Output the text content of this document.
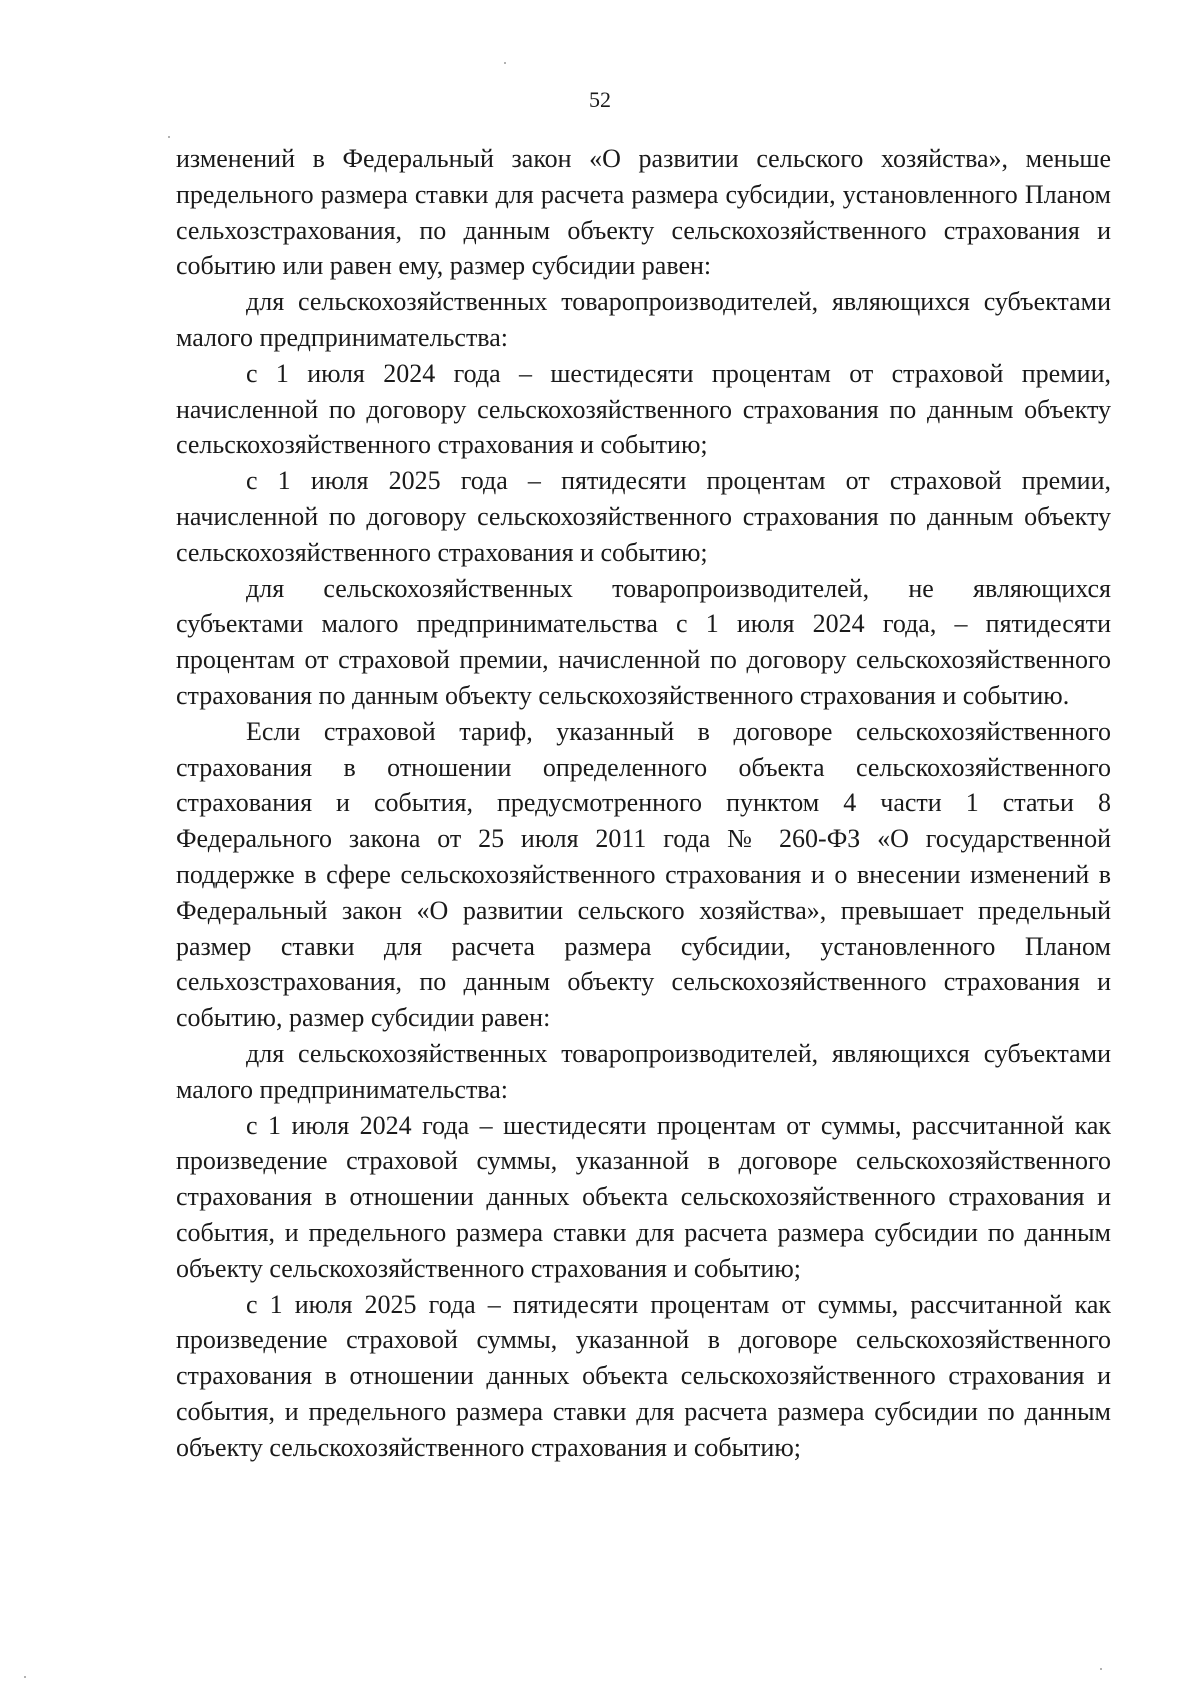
52

изменений в Федеральный закон «О развитии сельского хозяйства», меньше предельного размера ставки для расчета размера субсидии, установленного Планом сельхозстрахования, по данным объекту сельскохозяйственного страхования и событию или равен ему, размер субсидии равен:

для сельскохозяйственных товаропроизводителей, являющихся субъектами малого предпринимательства:

с 1 июля 2024 года – шестидесяти процентам от страховой премии, начисленной по договору сельскохозяйственного страхования по данным объекту сельскохозяйственного страхования и событию;

с 1 июля 2025 года – пятидесяти процентам от страховой премии, начисленной по договору сельскохозяйственного страхования по данным объекту сельскохозяйственного страхования и событию;

для сельскохозяйственных товаропроизводителей, не являющихся субъектами малого предпринимательства с 1 июля 2024 года, – пятидесяти процентам от страховой премии, начисленной по договору сельскохозяйственного страхования по данным объекту сельскохозяйственного страхования и событию.

Если страховой тариф, указанный в договоре сельскохозяйственного страхования в отношении определенного объекта сельскохозяйственного страхования и события, предусмотренного пунктом 4 части 1 статьи 8 Федерального закона от 25 июля 2011 года № 260-ФЗ «О государственной поддержке в сфере сельскохозяйственного страхования и о внесении изменений в Федеральный закон «О развитии сельского хозяйства», превышает предельный размер ставки для расчета размера субсидии, установленного Планом сельхозстрахования, по данным объекту сельскохозяйственного страхования и событию, размер субсидии равен:

для сельскохозяйственных товаропроизводителей, являющихся субъектами малого предпринимательства:

с 1 июля 2024 года – шестидесяти процентам от суммы, рассчитанной как произведение страховой суммы, указанной в договоре сельскохозяйственного страхования в отношении данных объекта сельскохозяйственного страхования и события, и предельного размера ставки для расчета размера субсидии по данным объекту сельскохозяйственного страхования и событию;

с 1 июля 2025 года – пятидесяти процентам от суммы, рассчитанной как произведение страховой суммы, указанной в договоре сельскохозяйственного страхования в отношении данных объекта сельскохозяйственного страхования и события, и предельного размера ставки для расчета размера субсидии по данным объекту сельскохозяйственного страхования и событию;
